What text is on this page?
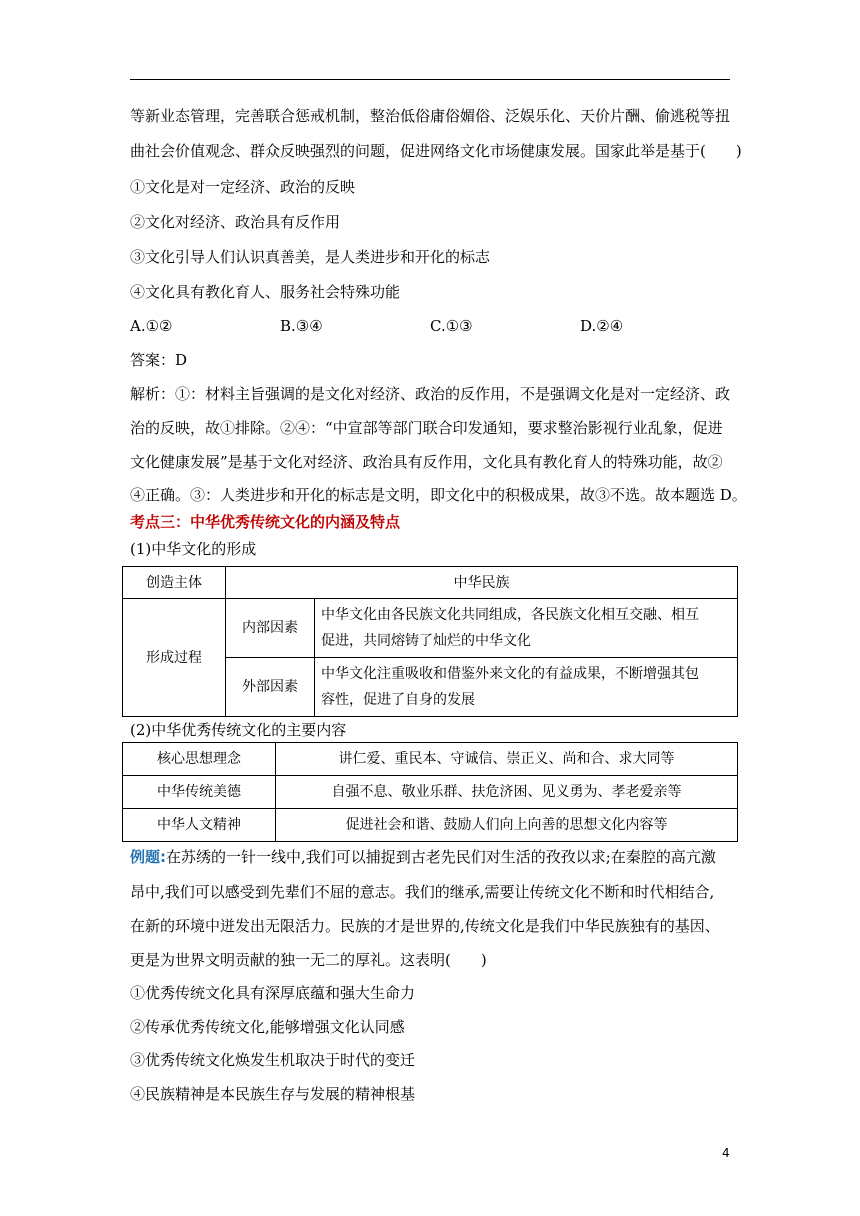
等新业态管理，完善联合惩戒机制，整治低俗庸俗媚俗、泛娱乐化、天价片酬、偷逃税等扭
曲社会价值观念、群众反映强烈的问题，促进网络文化市场健康发展。国家此举是基于(　　)
①文化是对一定经济、政治的反映
②文化对经济、政治具有反作用
③文化引导人们认识真善美，是人类进步和开化的标志
④文化具有教化育人、服务社会特殊功能
A.①②	B.③④	C.①③	D.②④
答案：D
解析：①：材料主旨强调的是文化对经济、政治的反作用，不是强调文化是对一定经济、政
治的反映，故①排除。②④：“中宣部等部门联合印发通知，要求整治影视行业乱象，促进
文化健康发展”是基于文化对经济、政治具有反作用，文化具有教化育人的特殊功能，故②
④正确。③：人类进步和开化的标志是文明，即文化中的积极成果，故③不选。故本题选 D。
考点三：中华优秀传统文化的内涵及特点
(1)中华文化的形成
创造主体	中华民族	
形成过程	内部因素	中华文化由各民族文化共同组成，各民族文化相互交融、相互
促进，共同熔铸了灿烂的中华文化

	外部因素	中华文化注重吸收和借鉴外来文化的有益成果，不断增强其包
容性，促进了自身的发展
(2)中华优秀传统文化的主要内容
核心思想理念	讲仁爱、重民本、守诚信、崇正义、尚和合、求大同等
中华传统美德	自强不息、敬业乐群、扶危济困、见义勇为、孝老爱亲等
中华人文精神	促进社会和谐、鼓励人们向上向善的思想文化内容等
例题:在苏绣的一针一线中,我们可以捕捉到古老先民们对生活的孜孜以求;在秦腔的高亢激
昂中,我们可以感受到先辈们不屈的意志。我们的继承,需要让传统文化不断和时代相结合,
在新的环境中迸发出无限活力。民族的才是世界的,传统文化是我们中华民族独有的基因、
更是为世界文明贡献的独一无二的厚礼。这表明(　　)
①优秀传统文化具有深厚底蕴和强大生命力
②传承优秀传统文化,能够增强文化认同感
③优秀传统文化焕发生机取决于时代的变迁
④民族精神是本民族生存与发展的精神根基
4
